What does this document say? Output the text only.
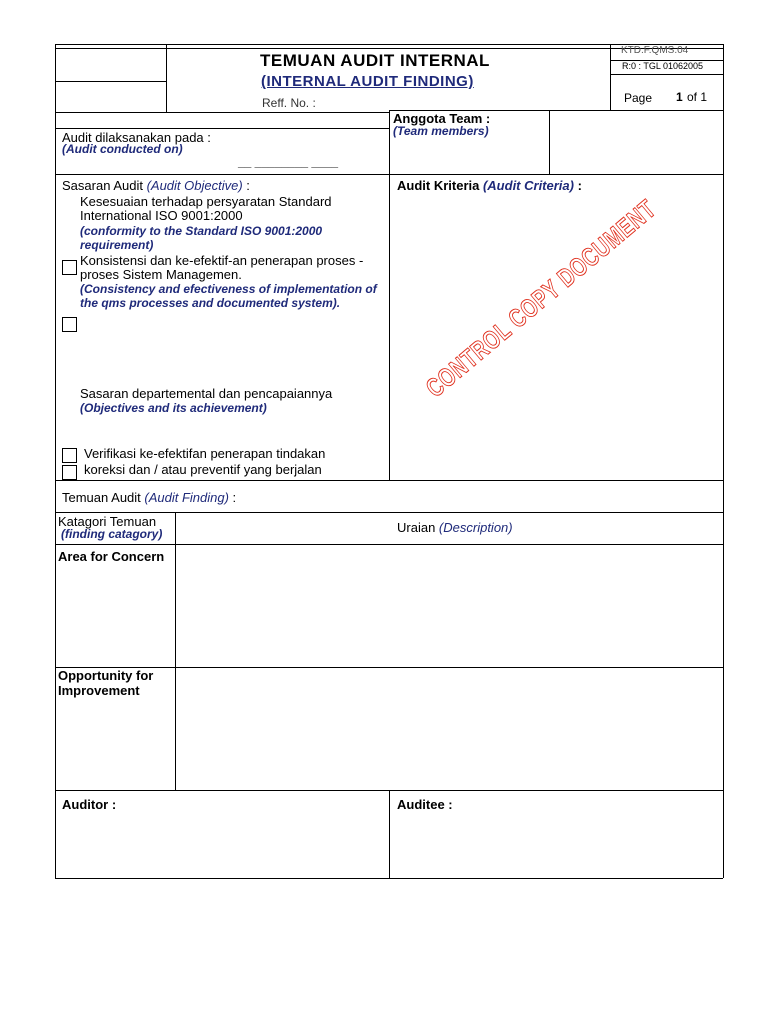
TEMUAN AUDIT INTERNAL
(INTERNAL AUDIT FINDING)
Reff. No. :
KTD.F.QMS.04
R:0 : TGL 01062005
Page 1 of 1
Audit dilaksanakan pada :
(Audit conducted on)
__ ________ ____
Anggota Team :
(Team members)
Sasaran Audit (Audit Objective) :
Kesesuaian terhadap persyaratan Standard International ISO 9001:2000
(conformity to the Standard ISO 9001:2000 requirement)
Konsistensi dan ke-efektif-an penerapan proses - proses Sistem Managemen.
(Consistency and efectiveness of implementation of the qms processes and documented system).
Sasaran departemental dan pencapaiannya
(Objectives and its achievement)
Verifikasi ke-efektifan penerapan tindakan
koreksi dan / atau preventif yang berjalan
Audit Kriteria (Audit Criteria) :
CONTROL COPY DOCUMENT
Temuan Audit (Audit Finding) :
Katagori Temuan
(finding catagory)	Uraian (Description)
Area for Concern
Opportunity for
Improvement
Auditor :	Auditee :
